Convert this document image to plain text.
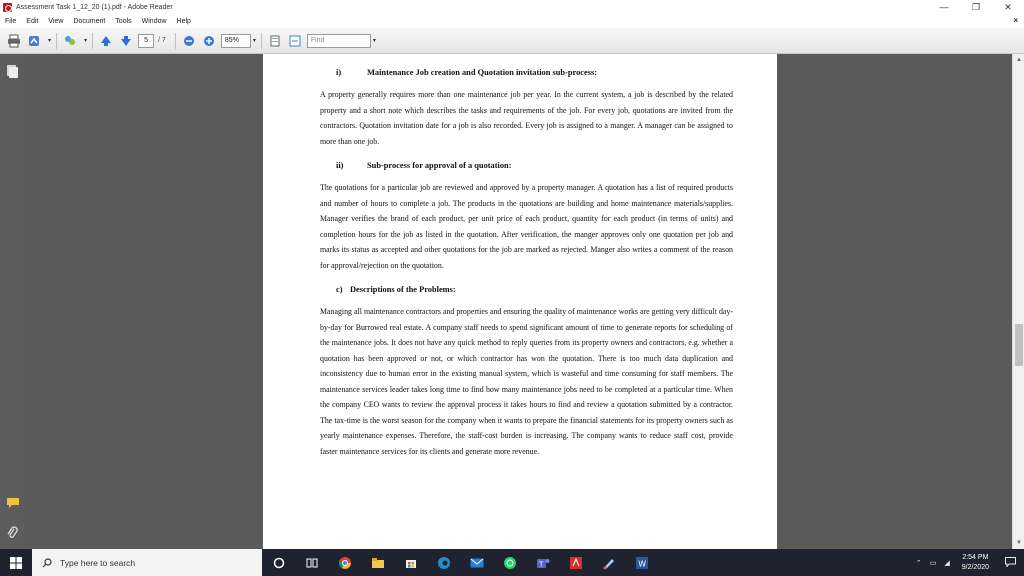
Assessment Task 1_12_20 (1).pdf - Adobe Reader	—	❐	✕
File	Edit	View	Document	Tools	Window	Help	×
▾	▾	5	/ 7	85%	▾	Find	▾
i)	Maintenance Job creation and Quotation invitation sub-process:

A property generally requires more than one maintenance job per year. In the current system, a job is described by the related property and a short note which describes the tasks and requirements of the job. For every job, quotations are invited from the contractors. Quotation invitation date for a job is also recorded. Every job is assigned to a manger. A manager can be assigned to more than one job.

ii)	Sub-process for approval of a quotation:

The quotations for a particular job are reviewed and approved by a property manager. A quotation has a list of required products and number of hours to complete a job. The products in the quotations are building and home maintenance materials/supplies. Manager verifies the brand of each product, per unit price of each product, quantity for each product (in terms of units) and completion hours for the job as listed in the quotation. After verification, the manger approves only one quotation per job and marks its status as accepted and other quotations for the job are marked as rejected. Manger also writes a comment of the reason for approval/rejection on the quotation.

c) Descriptions of the Problems:

Managing all maintenance contractors and properties and ensuring the quality of maintenance works are getting very difficult day-by-day for Burrowed real estate. A company staff needs to spend significant amount of time to generate reports for scheduling of the maintenance jobs. It does not have any quick method to reply queries from its property owners and contractors, e.g. whether a quotation has been approved or not, or which contractor has won the quotation. There is too much data duplication and inconsistency due to human error in the existing manual system, which is wasteful and time consuming for staff members. The maintenance services leader takes long time to find how many maintenance jobs need to be completed at a particular time. When the company CEO wants to review the approval process it takes hours to find and review a quotation submitted by a contractor. The tax-time is the worst season for the company when it wants to prepare the financial statements for its property owners such as yearly maintenance expenses. Therefore, the staff-cost burden is increasing. The company wants to reduce staff cost, provide faster maintenance services for its clients and generate more revenue.

▲
▼
Type here to search	T	W	⌃ ▭ ◢
2:54 PM
9/2/2020
